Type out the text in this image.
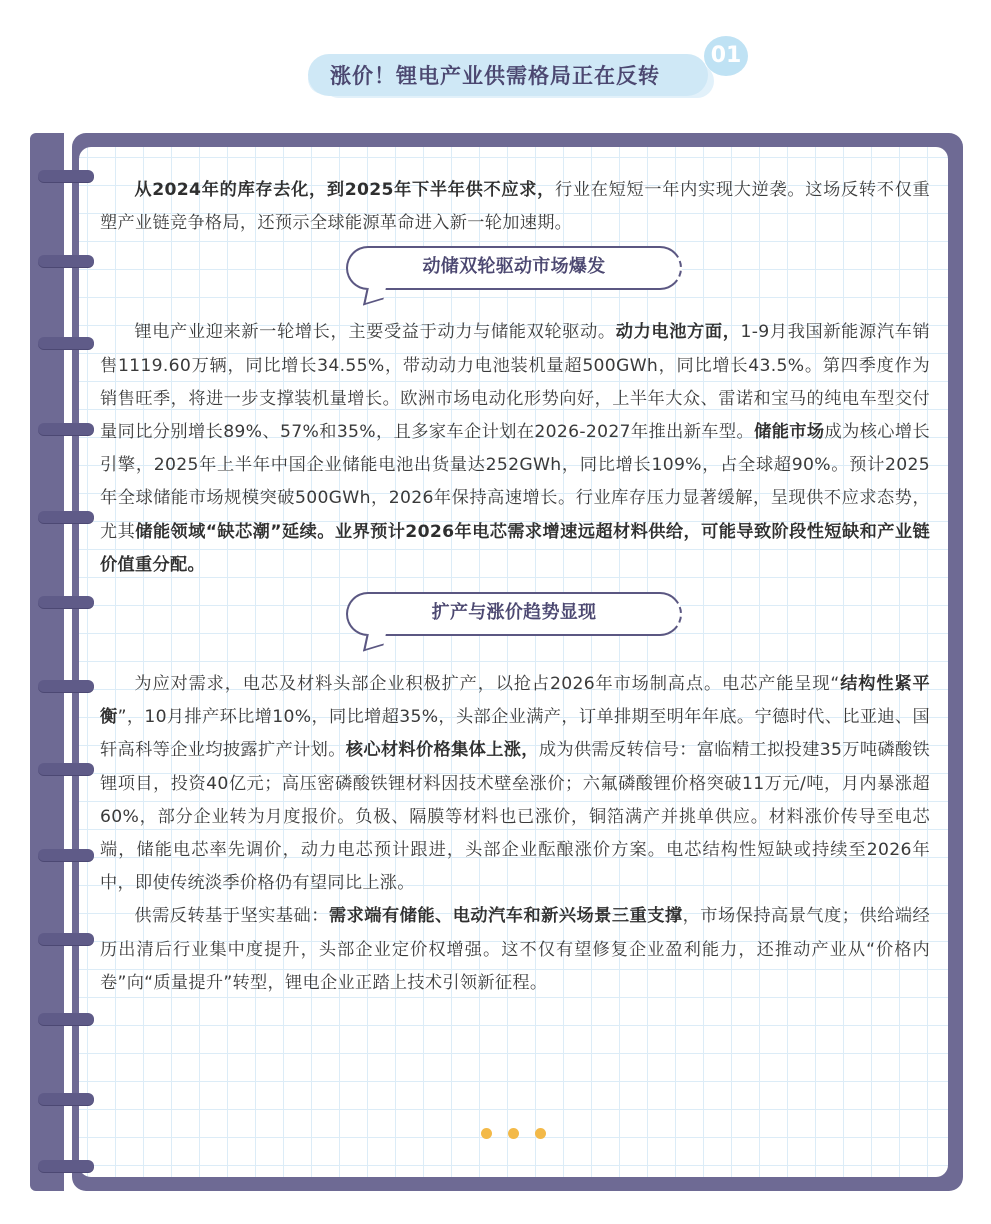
涨价！锂电产业供需格局正在反转
01

从2024年的库存去化，到2025年下半年供不应求，行业在短短一年内实现大逆袭。这场反转不仅重塑产业链竞争格局，还预示全球能源革命进入新一轮加速期。

动储双轮驱动市场爆发

锂电产业迎来新一轮增长，主要受益于动力与储能双轮驱动。动力电池方面，1-9月我国新能源汽车销售1119.60万辆，同比增长34.55%，带动动力电池装机量超500GWh，同比增长43.5%。第四季度作为销售旺季，将进一步支撑装机量增长。欧洲市场电动化形势向好，上半年大众、雷诺和宝马的纯电车型交付量同比分别增长89%、57%和35%，且多家车企计划在2026-2027年推出新车型。储能市场成为核心增长引擎，2025年上半年中国企业储能电池出货量达252GWh，同比增长109%，占全球超90%。预计2025年全球储能市场规模突破500GWh，2026年保持高速增长。行业库存压力显著缓解，呈现供不应求态势，尤其储能领域“缺芯潮”延续。业界预计2026年电芯需求增速远超材料供给，可能导致阶段性短缺和产业链价值重分配。

扩产与涨价趋势显现

为应对需求，电芯及材料头部企业积极扩产，以抢占2026年市场制高点。电芯产能呈现“结构性紧平衡”，10月排产环比增10%，同比增超35%，头部企业满产，订单排期至明年年底。宁德时代、比亚迪、国轩高科等企业均披露扩产计划。核心材料价格集体上涨，成为供需反转信号：富临精工拟投建35万吨磷酸铁锂项目，投资40亿元；高压密磷酸铁锂材料因技术壁垒涨价；六氟磷酸锂价格突破11万元/吨，月内暴涨超60%，部分企业转为月度报价。负极、隔膜等材料也已涨价，铜箔满产并挑单供应。材料涨价传导至电芯端，储能电芯率先调价，动力电芯预计跟进，头部企业酝酿涨价方案。电芯结构性短缺或持续至2026年中，即使传统淡季价格仍有望同比上涨。

供需反转基于坚实基础：需求端有储能、电动汽车和新兴场景三重支撑，市场保持高景气度；供给端经历出清后行业集中度提升，头部企业定价权增强。这不仅有望修复企业盈利能力，还推动产业从“价格内卷”向“质量提升”转型，锂电企业正踏上技术引领新征程。
